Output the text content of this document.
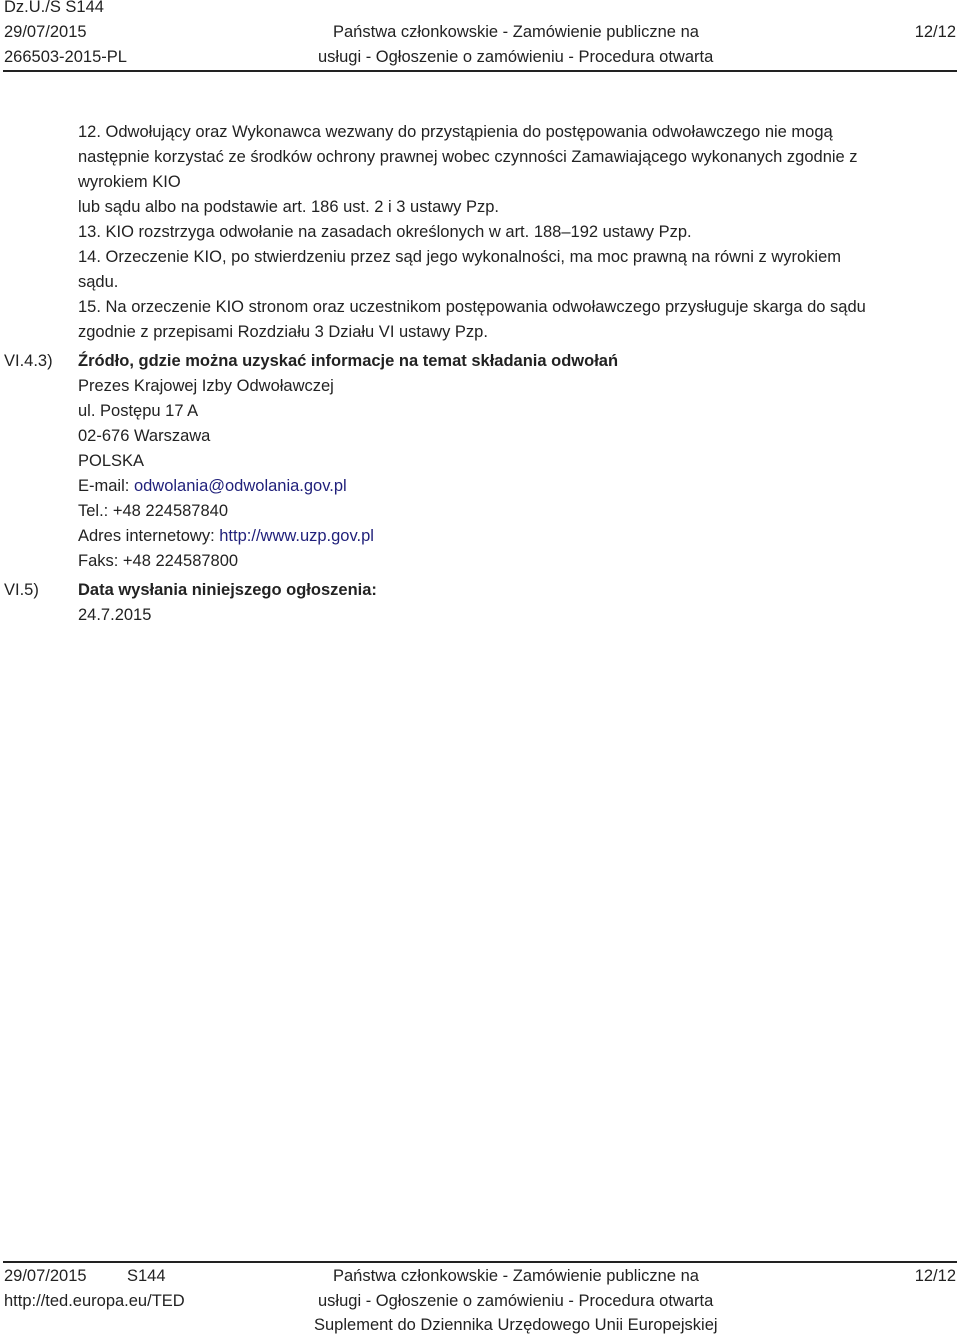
Dz.U./S S144
29/07/2015
266503-2015-PL
Państwa członkowskie - Zamówienie publiczne na
usługi - Ogłoszenie o zamówieniu - Procedura otwarta
12/12
12. Odwołujący oraz Wykonawca wezwany do przystąpienia do postępowania odwoławczego nie mogą
następnie korzystać ze środków ochrony prawnej wobec czynności Zamawiającego wykonanych zgodnie z
wyrokiem KIO
lub sądu albo na podstawie art. 186 ust. 2 i 3 ustawy Pzp.
13. KIO rozstrzyga odwołanie na zasadach określonych w art. 188–192 ustawy Pzp.
14. Orzeczenie KIO, po stwierdzeniu przez sąd jego wykonalności, ma moc prawną na równi z wyrokiem
sądu.
15. Na orzeczenie KIO stronom oraz uczestnikom postępowania odwoławczego przysługuje skarga do sądu
zgodnie z przepisami Rozdziału 3 Działu VI ustawy Pzp.
VI.4.3) Źródło, gdzie można uzyskać informacje na temat składania odwołań
Prezes Krajowej Izby Odwoławczej
ul. Postępu 17 A
02-676 Warszawa
POLSKA
E-mail: odwolania@odwolania.gov.pl
Tel.: +48 224587840
Adres internetowy: http://www.uzp.gov.pl
Faks: +48 224587800
VI.5) Data wysłania niniejszego ogłoszenia:
24.7.2015
29/07/2015 S144
http://ted.europa.eu/TED
Państwa członkowskie - Zamówienie publiczne na
usługi - Ogłoszenie o zamówieniu - Procedura otwarta
Suplement do Dziennika Urzędowego Unii Europejskiej
12/12
